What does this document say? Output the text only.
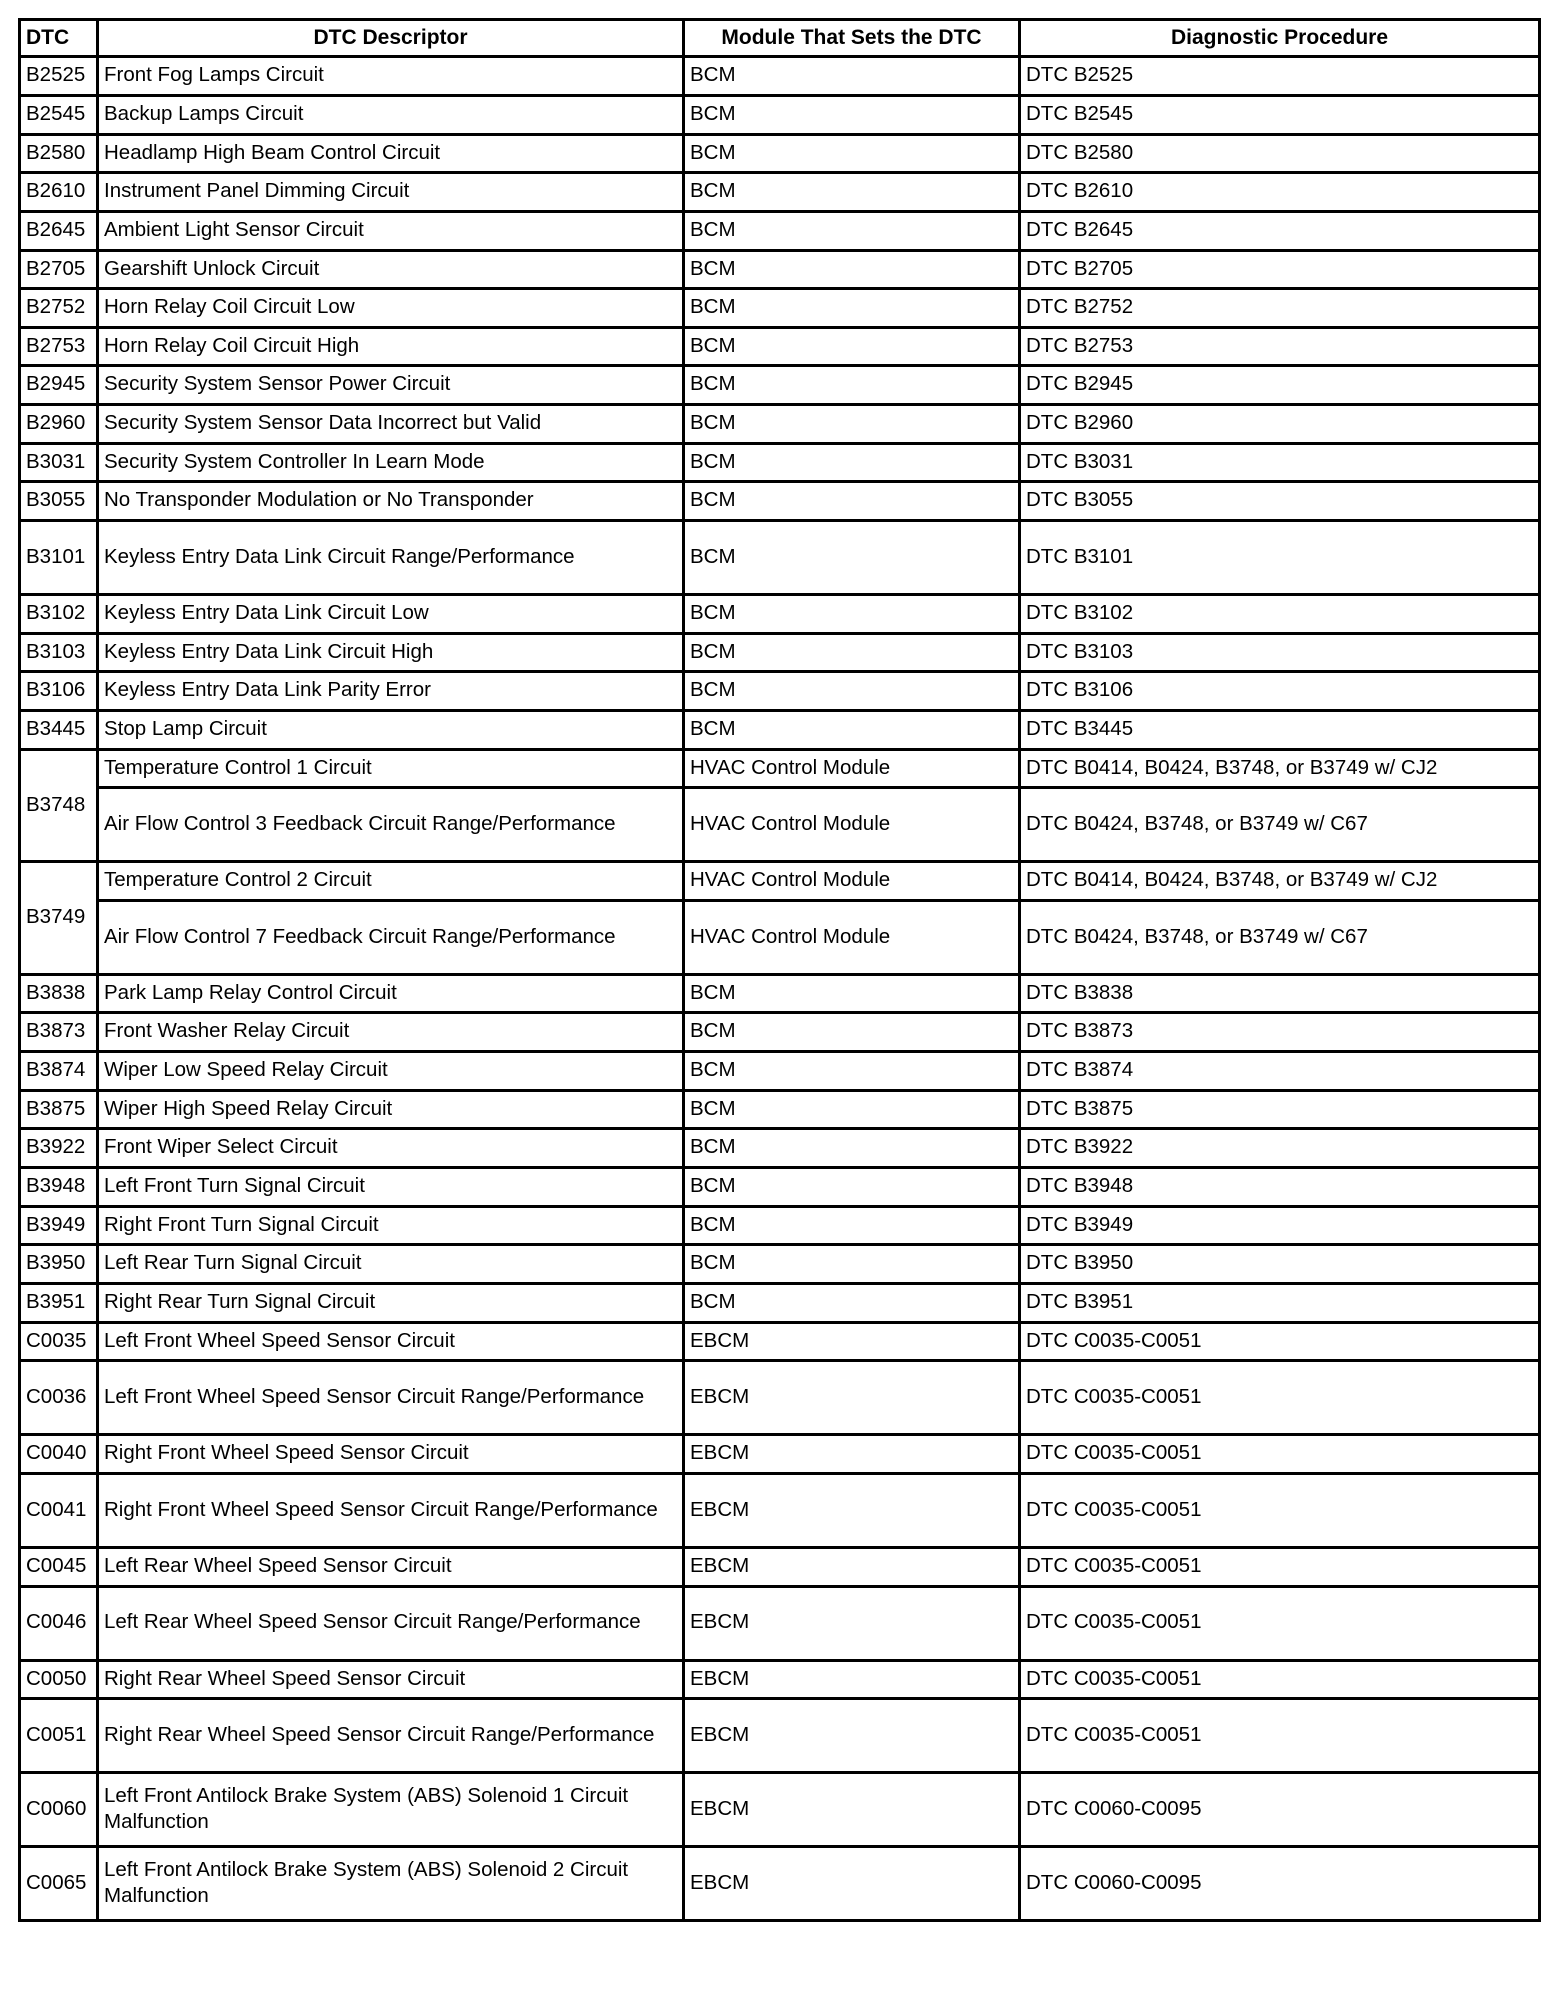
DTC	DTC Descriptor	Module That Sets the DTC	Diagnostic Procedure
B2525	Front Fog Lamps Circuit	BCM	DTC B2525
B2545	Backup Lamps Circuit	BCM	DTC B2545
B2580	Headlamp High Beam Control Circuit	BCM	DTC B2580
B2610	Instrument Panel Dimming Circuit	BCM	DTC B2610
B2645	Ambient Light Sensor Circuit	BCM	DTC B2645
B2705	Gearshift Unlock Circuit	BCM	DTC B2705
B2752	Horn Relay Coil Circuit Low	BCM	DTC B2752
B2753	Horn Relay Coil Circuit High	BCM	DTC B2753
B2945	Security System Sensor Power Circuit	BCM	DTC B2945
B2960	Security System Sensor Data Incorrect but Valid	BCM	DTC B2960
B3031	Security System Controller In Learn Mode	BCM	DTC B3031
B3055	No Transponder Modulation or No Transponder	BCM	DTC B3055
B3101	Keyless Entry Data Link Circuit Range/Performance	BCM	DTC B3101
B3102	Keyless Entry Data Link Circuit Low	BCM	DTC B3102
B3103	Keyless Entry Data Link Circuit High	BCM	DTC B3103
B3106	Keyless Entry Data Link Parity Error	BCM	DTC B3106
B3445	Stop Lamp Circuit	BCM	DTC B3445
B3748	Temperature Control 1 Circuit	HVAC Control Module	DTC B0414, B0424, B3748, or B3749 w/ CJ2
	Air Flow Control 3 Feedback Circuit Range/Performance	HVAC Control Module	DTC B0424, B3748, or B3749 w/ C67
B3749	Temperature Control 2 Circuit	HVAC Control Module	DTC B0414, B0424, B3748, or B3749 w/ CJ2
	Air Flow Control 7 Feedback Circuit Range/Performance	HVAC Control Module	DTC B0424, B3748, or B3749 w/ C67
B3838	Park Lamp Relay Control Circuit	BCM	DTC B3838
B3873	Front Washer Relay Circuit	BCM	DTC B3873
B3874	Wiper Low Speed Relay Circuit	BCM	DTC B3874
B3875	Wiper High Speed Relay Circuit	BCM	DTC B3875
B3922	Front Wiper Select Circuit	BCM	DTC B3922
B3948	Left Front Turn Signal Circuit	BCM	DTC B3948
B3949	Right Front Turn Signal Circuit	BCM	DTC B3949
B3950	Left Rear Turn Signal Circuit	BCM	DTC B3950
B3951	Right Rear Turn Signal Circuit	BCM	DTC B3951
C0035	Left Front Wheel Speed Sensor Circuit	EBCM	DTC C0035-C0051
C0036	Left Front Wheel Speed Sensor Circuit Range/Performance	EBCM	DTC C0035-C0051
C0040	Right Front Wheel Speed Sensor Circuit	EBCM	DTC C0035-C0051
C0041	Right Front Wheel Speed Sensor Circuit Range/Performance	EBCM	DTC C0035-C0051
C0045	Left Rear Wheel Speed Sensor Circuit	EBCM	DTC C0035-C0051
C0046	Left Rear Wheel Speed Sensor Circuit Range/Performance	EBCM	DTC C0035-C0051
C0050	Right Rear Wheel Speed Sensor Circuit	EBCM	DTC C0035-C0051
C0051	Right Rear Wheel Speed Sensor Circuit Range/Performance	EBCM	DTC C0035-C0051
C0060	Left Front Antilock Brake System (ABS) Solenoid 1 Circuit Malfunction	EBCM	DTC C0060-C0095
C0065	Left Front Antilock Brake System (ABS) Solenoid 2 Circuit Malfunction	EBCM	DTC C0060-C0095
